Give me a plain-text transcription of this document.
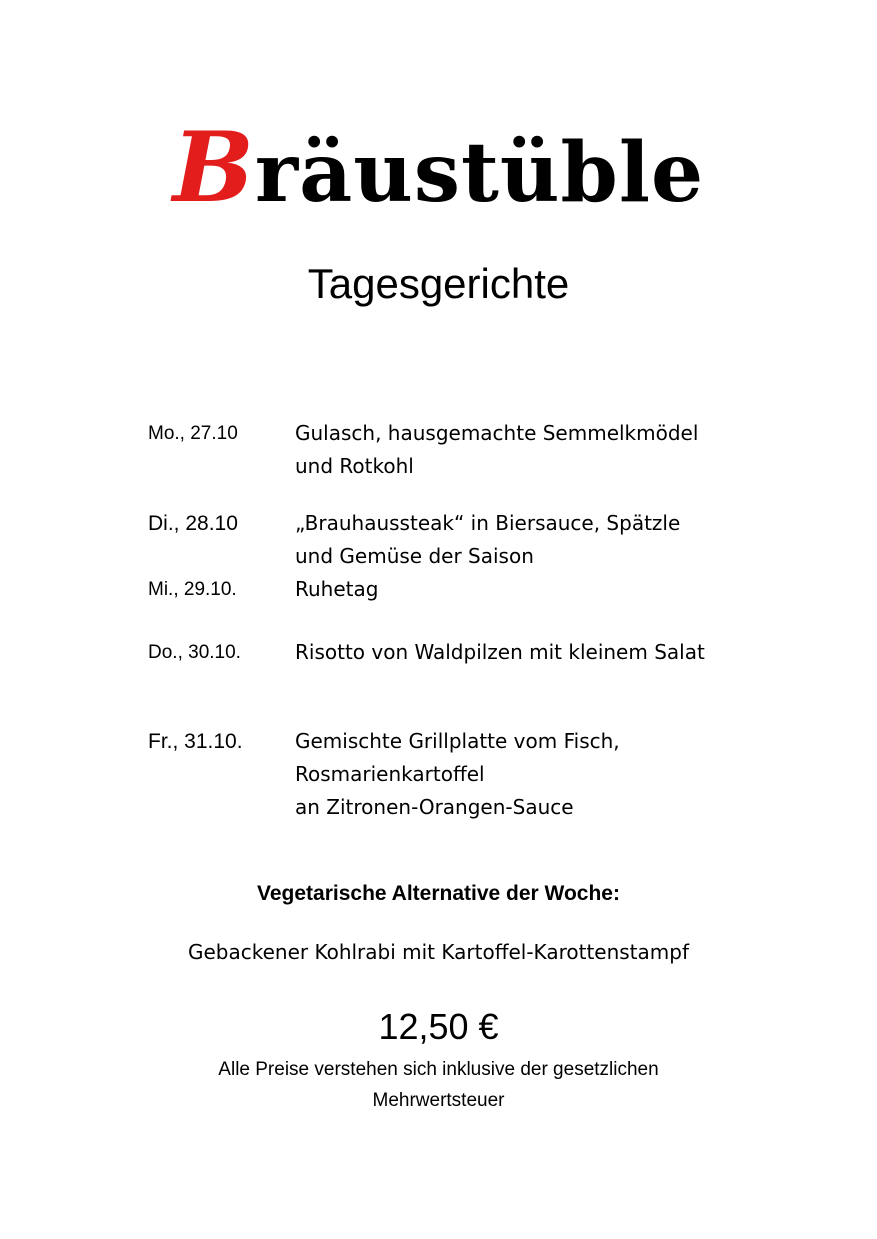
Bräustüble
Tagesgerichte
Mo., 27.10	Gulasch, hausgemachte Semmelkmödel
und Rotkohl
Di., 28.10	„Brauhaussteak“ in Biersauce, Spätzle
und Gemüse der Saison
Mi., 29.10.	Ruhetag
Do., 30.10.	Risotto von Waldpilzen mit kleinem Salat
Fr., 31.10.	Gemischte Grillplatte vom Fisch,
Rosmarienkartoffel
an Zitronen-Orangen-Sauce
Vegetarische Alternative der Woche:
Gebackener Kohlrabi mit Kartoffel-Karottenstampf
12,50 €
Alle Preise verstehen sich inklusive der gesetzlichen
Mehrwertsteuer
